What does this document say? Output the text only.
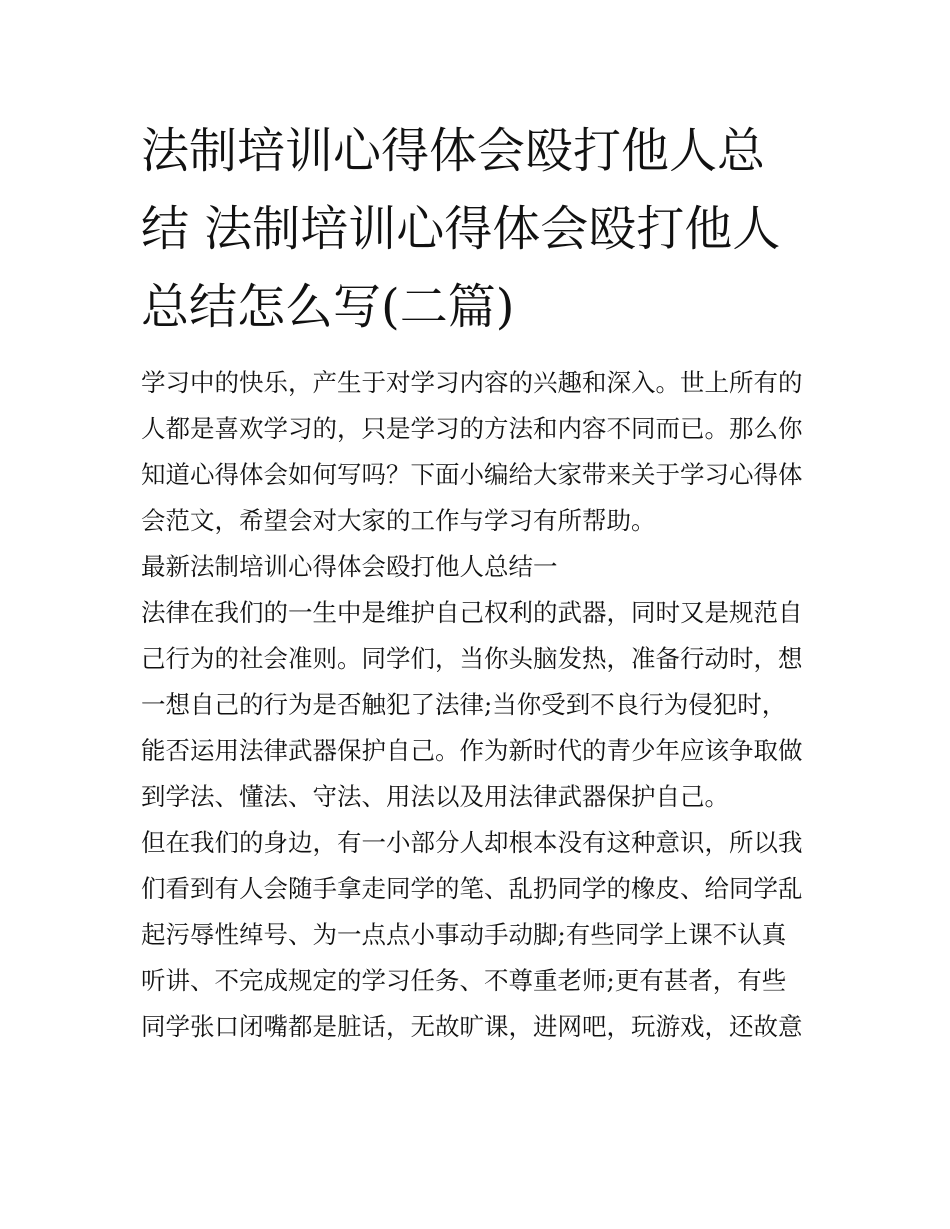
法制培训心得体会殴打他人总
结 法制培训心得体会殴打他人
总结怎么写(二篇)
学习中的快乐，产生于对学习内容的兴趣和深入。世上所有的
人都是喜欢学习的，只是学习的方法和内容不同而已。那么你
知道心得体会如何写吗？下面小编给大家带来关于学习心得体
会范文，希望会对大家的工作与学习有所帮助。
最新法制培训心得体会殴打他人总结一
法律在我们的一生中是维护自己权利的武器，同时又是规范自
己行为的社会准则。同学们，当你头脑发热，准备行动时，想
一想自己的行为是否触犯了法律;当你受到不良行为侵犯时，
能否运用法律武器保护自己。作为新时代的青少年应该争取做
到学法、懂法、守法、用法以及用法律武器保护自己。
但在我们的身边，有一小部分人却根本没有这种意识，所以我
们看到有人会随手拿走同学的笔、乱扔同学的橡皮、给同学乱
起污辱性绰号、为一点点小事动手动脚;有些同学上课不认真
听讲、不完成规定的学习任务、不尊重老师;更有甚者，有些
同学张口闭嘴都是脏话，无故旷课，进网吧，玩游戏，还故意
